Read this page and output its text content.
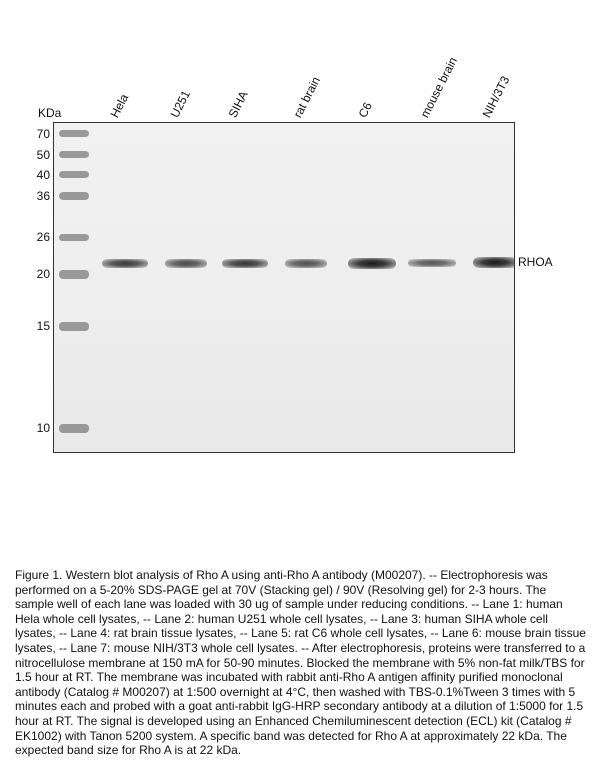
KDa	Hela	U251	SIHA	rat brain	C6	mouse brain NIH/3T3
70
50
40
36
26
20
15
10
RHOA
Figure 1. Western blot analysis of Rho A using anti-Rho A antibody (M00207). -- Electrophoresis was performed on a 5-20% SDS-PAGE gel at 70V (Stacking gel) / 90V (Resolving gel) for 2-3 hours. The sample well of each lane was loaded with 30 ug of sample under reducing conditions. -- Lane 1: human Hela whole cell lysates, -- Lane 2: human U251 whole cell lysates, -- Lane 3: human SIHA whole cell lysates, -- Lane 4: rat brain tissue lysates, -- Lane 5: rat C6 whole cell lysates, -- Lane 6: mouse brain tissue lysates, -- Lane 7: mouse NIH/3T3 whole cell lysates. -- After electrophoresis, proteins were transferred to a nitrocellulose membrane at 150 mA for 50-90 minutes. Blocked the membrane with 5% non-fat milk/TBS for 1.5 hour at RT. The membrane was incubated with rabbit anti-Rho A antigen affinity purified monoclonal antibody (Catalog # M00207) at 1:500 overnight at 4°C, then washed with TBS-0.1%Tween 3 times with 5 minutes each and probed with a goat anti-rabbit IgG-HRP secondary antibody at a dilution of 1:5000 for 1.5 hour at RT. The signal is developed using an Enhanced Chemiluminescent detection (ECL) kit (Catalog # EK1002) with Tanon 5200 system. A specific band was detected for Rho A at approximately 22 kDa. The expected band size for Rho A is at 22 kDa.
